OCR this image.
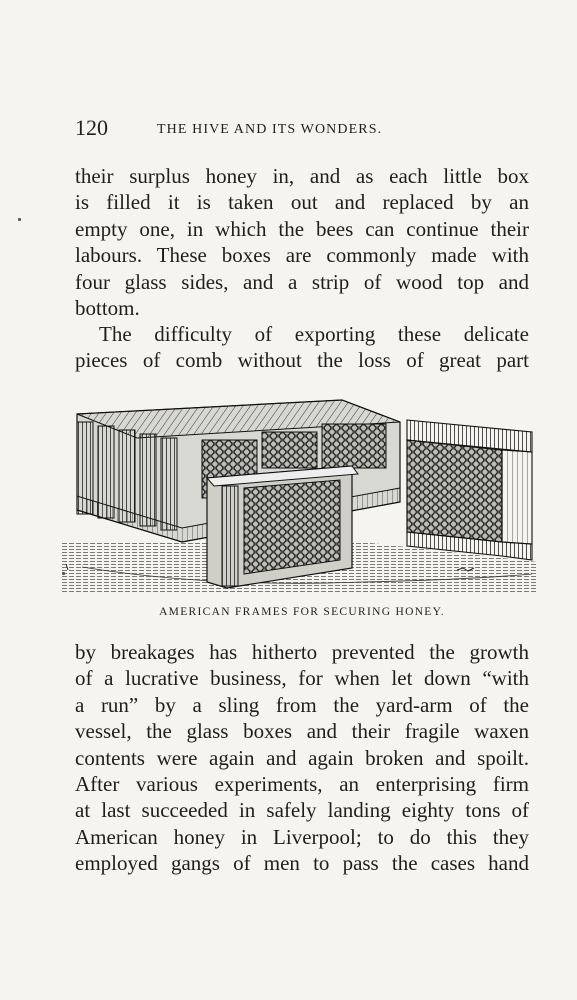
120	THE HIVE AND ITS WONDERS.
their surplus honey in, and as each little box
is filled it is taken out and replaced by an
empty one, in which the bees can continue their
labours. These boxes are commonly made with
four glass sides, and a strip of wood top and
bottom.
The difficulty of exporting these delicate
pieces of comb without the loss of great part
AMERICAN FRAMES FOR SECURING HONEY.
by breakages has hitherto prevented the growth
of a lucrative business, for when let down “with
a run” by a sling from the yard-arm of the
vessel, the glass boxes and their fragile waxen
contents were again and again broken and spoilt.
After various experiments, an enterprising firm
at last succeeded in safely landing eighty tons of
American honey in Liverpool; to do this they
employed gangs of men to pass the cases hand
